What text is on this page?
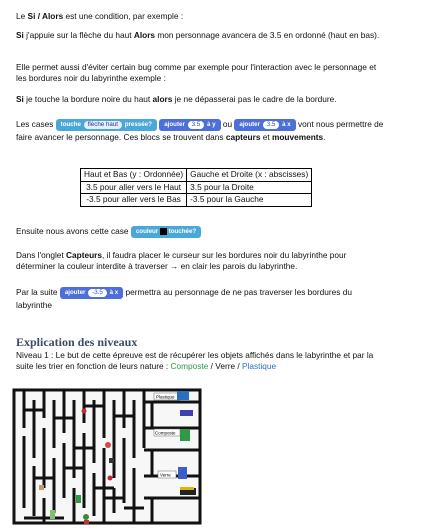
Le Si / Alors est une condition, par exemple :

Si j'appuie sur la flèche du haut Alors mon personnage avancera de 3.5 en ordonné (haut en bas).

Elle permet aussi d'éviter certain bug comme par exemple pour l'interaction avec le personnage et les bordures noir du labyrinthe exemple :

Si je touche la bordure noire du haut alors je ne dépasserai pas le cadre de la bordure.

Les cases touche flèche haut pressée? ajouter 3.5 à y ou ajouter 3.5 à x vont nous permettre de faire avancer le personnage. Ces blocs se trouvent dans capteurs et mouvements.

Haut et Bas (y : Ordonnée)	Gauche et Droite (x : abscisses)
3.5 pour aller vers le Haut	3.5 pour la Droite
-3.5 pour aller vers le Bas	-3.5 pour la Gauche

Ensuite nous avons cette case couleur touchée?

Dans l'onglet Capteurs, il faudra placer le curseur sur les bordures noir du labyrinthe pour déterminer la couleur interdite à traverser → en clair les parois du labyrinthe.

Par la suite ajouter -3.5 à x permettra au personnage de ne pas traverser les bordures du labyrinthe

Explication des niveaux

Niveau 1 : Le but de cette épreuve est de récupérer les objets affichés dans le labyrinthe et par la suite les trier en fonction de leurs nature : Composte / Verre / Plastique

Plastique
Composte
Verre
